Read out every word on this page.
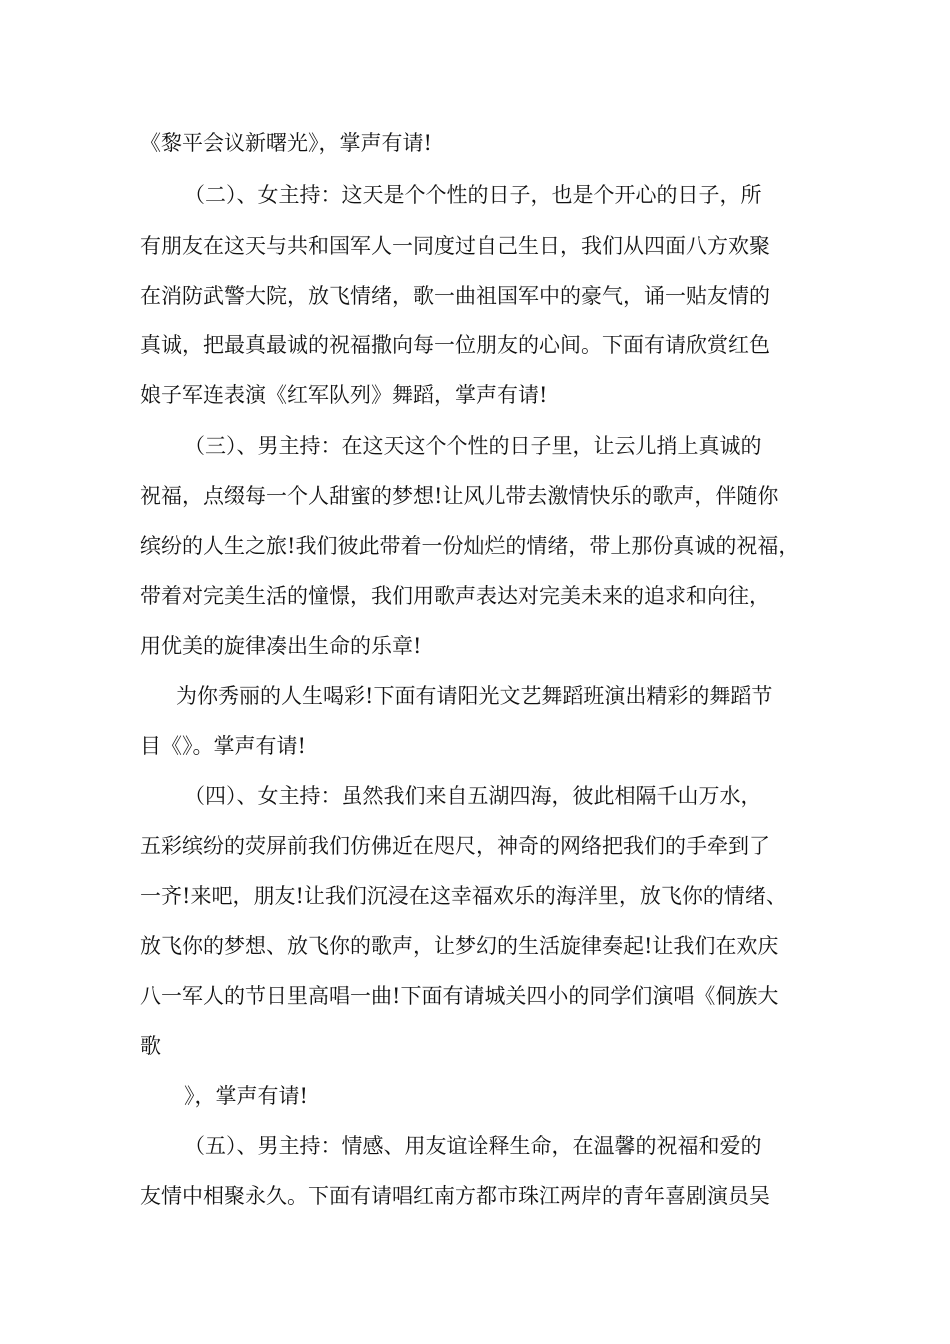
《黎平会议新曙光》，掌声有请!
（二）、女主持：这天是个个性的日子，也是个开心的日子，所
有朋友在这天与共和国军人一同度过自己生日，我们从四面八方欢聚
在消防武警大院，放飞情绪，歌一曲祖国军中的豪气，诵一贴友情的
真诚，把最真最诚的祝福撒向每一位朋友的心间。下面有请欣赏红色
娘子军连表演《红军队列》舞蹈，掌声有请!
（三）、男主持：在这天这个个性的日子里，让云儿捎上真诚的
祝福，点缀每一个人甜蜜的梦想!让风儿带去激情快乐的歌声，伴随你
缤纷的人生之旅!我们彼此带着一份灿烂的情绪，带上那份真诚的祝福，
带着对完美生活的憧憬，我们用歌声表达对完美未来的追求和向往，
用优美的旋律凑出生命的乐章!
为你秀丽的人生喝彩!下面有请阳光文艺舞蹈班演出精彩的舞蹈节
目《》。掌声有请!
（四）、女主持：虽然我们来自五湖四海，彼此相隔千山万水，
五彩缤纷的荧屏前我们仿佛近在咫尺，神奇的网络把我们的手牵到了
一齐!来吧，朋友!让我们沉浸在这幸福欢乐的海洋里，放飞你的情绪、
放飞你的梦想、放飞你的歌声，让梦幻的生活旋律奏起!让我们在欢庆
八一军人的节日里高唱一曲!下面有请城关四小的同学们演唱《侗族大
歌
》，掌声有请!
（五）、男主持：情感、用友谊诠释生命，在温馨的祝福和爱的
友情中相聚永久。下面有请唱红南方都市珠江两岸的青年喜剧演员吴
